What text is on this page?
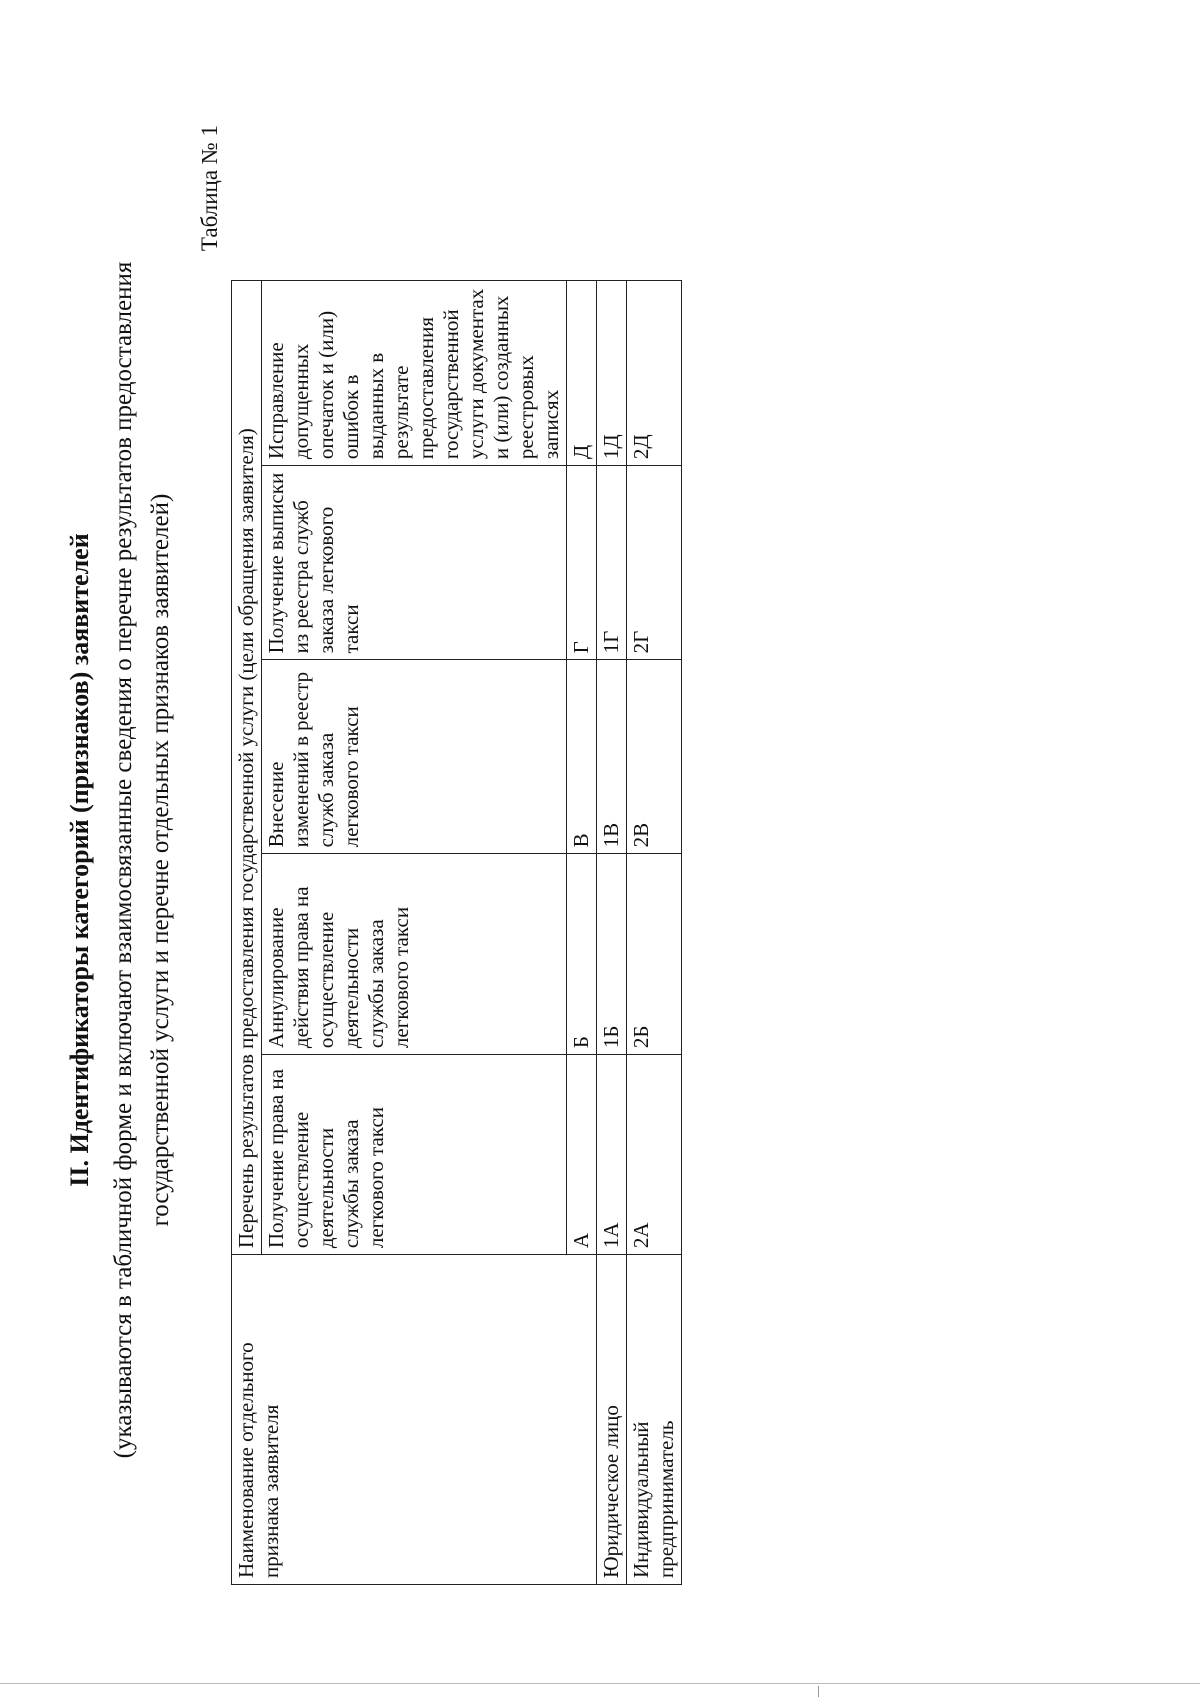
II. Идентификаторы категорий (признаков) заявителей (указываются в табличной форме и включают взаимосвязанные сведения о перечне результатов предоставления государственной услуги и перечне отдельных признаков заявителей)
Таблица № 1
Наименование отдельного признака заявителя	Перечень результатов предоставления государственной услуги (цели обращения заявителя)				
	Получение права на осуществление деятельности службы заказа легкового такси	Аннулирование действия права на осуществление деятельности службы заказа легкового такси	Внесение изменений в реестр служб заказа легкового такси	Получение выписки из реестра служб заказа легкового такси	Исправление допущенных опечаток и (или) ошибок в выданных в результате предоставления государственной услуги документах и (или) созданных реестровых записях
	А	Б	В	Г	Д
Юридическое лицо	1А	1Б	1В	1Г	1Д
Индивидуальный предприниматель	2А	2Б	2В	2Г	2Д
